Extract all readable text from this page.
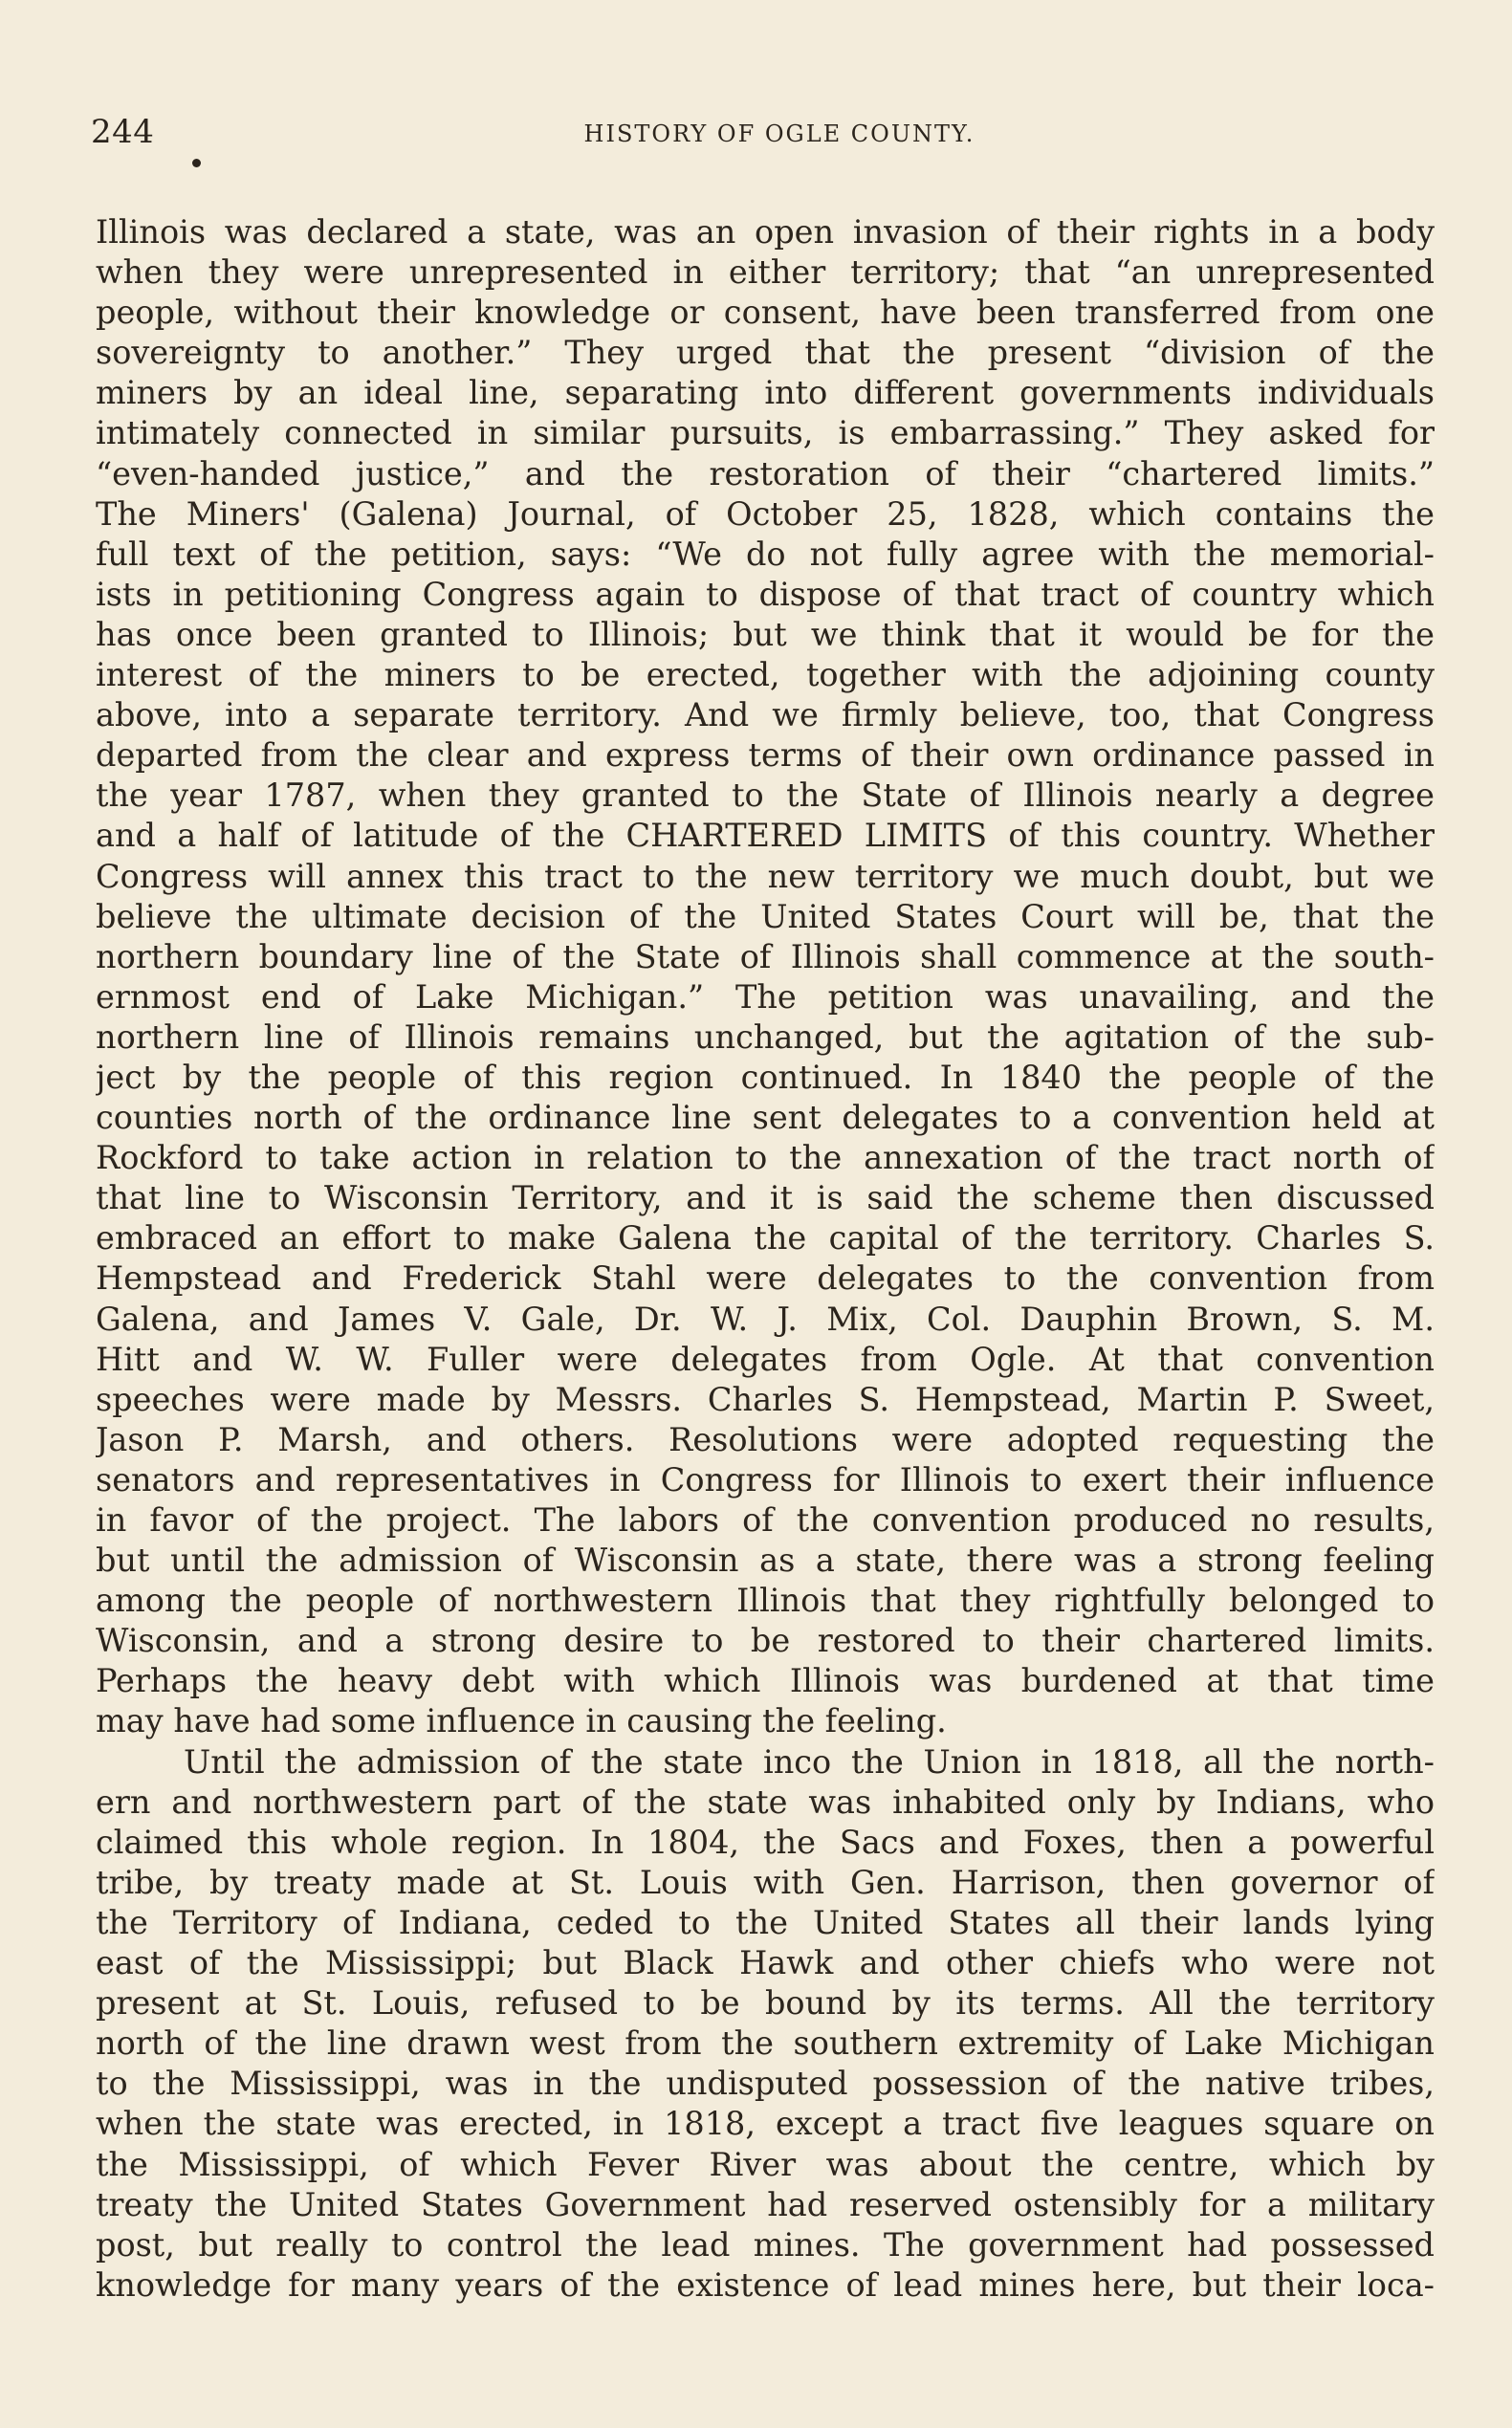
244	HISTORY OF OGLE COUNTY.
Illinois was declared a state, was an open invasion of their rights in a body
when they were unrepresented in either territory; that “an unrepresented
people, without their knowledge or consent, have been transferred from one
sovereignty to another.” They urged that the present “division of the
miners by an ideal line, separating into different governments individuals
intimately connected in similar pursuits, is embarrassing.” They asked for
“even-handed justice,” and the restoration of their “chartered limits.”
The Miners' (Galena) Journal, of October 25, 1828, which contains the
full text of the petition, says: “We do not fully agree with the memorial-
ists in petitioning Congress again to dispose of that tract of country which
has once been granted to Illinois; but we think that it would be for the
interest of the miners to be erected, together with the adjoining county
above, into a separate territory. And we firmly believe, too, that Congress
departed from the clear and express terms of their own ordinance passed in
the year 1787, when they granted to the State of Illinois nearly a degree
and a half of latitude of the CHARTERED LIMITS of this country. Whether
Congress will annex this tract to the new territory we much doubt, but we
believe the ultimate decision of the United States Court will be, that the
northern boundary line of the State of Illinois shall commence at the south-
ernmost end of Lake Michigan.” The petition was unavailing, and the
northern line of Illinois remains unchanged, but the agitation of the sub-
ject by the people of this region continued. In 1840 the people of the
counties north of the ordinance line sent delegates to a convention held at
Rockford to take action in relation to the annexation of the tract north of
that line to Wisconsin Territory, and it is said the scheme then discussed
embraced an effort to make Galena the capital of the territory. Charles S.
Hempstead and Frederick Stahl were delegates to the convention from
Galena, and James V. Gale, Dr. W. J. Mix, Col. Dauphin Brown, S. M.
Hitt and W. W. Fuller were delegates from Ogle. At that convention
speeches were made by Messrs. Charles S. Hempstead, Martin P. Sweet,
Jason P. Marsh, and others. Resolutions were adopted requesting the
senators and representatives in Congress for Illinois to exert their influence
in favor of the project. The labors of the convention produced no results,
but until the admission of Wisconsin as a state, there was a strong feeling
among the people of northwestern Illinois that they rightfully belonged to
Wisconsin, and a strong desire to be restored to their chartered limits.
Perhaps the heavy debt with which Illinois was burdened at that time
may have had some influence in causing the feeling.
Until the admission of the state inco the Union in 1818, all the north-
ern and northwestern part of the state was inhabited only by Indians, who
claimed this whole region. In 1804, the Sacs and Foxes, then a powerful
tribe, by treaty made at St. Louis with Gen. Harrison, then governor of
the Territory of Indiana, ceded to the United States all their lands lying
east of the Mississippi; but Black Hawk and other chiefs who were not
present at St. Louis, refused to be bound by its terms. All the territory
north of the line drawn west from the southern extremity of Lake Michigan
to the Mississippi, was in the undisputed possession of the native tribes,
when the state was erected, in 1818, except a tract five leagues square on
the Mississippi, of which Fever River was about the centre, which by
treaty the United States Government had reserved ostensibly for a military
post, but really to control the lead mines. The government had possessed
knowledge for many years of the existence of lead mines here, but their loca-
